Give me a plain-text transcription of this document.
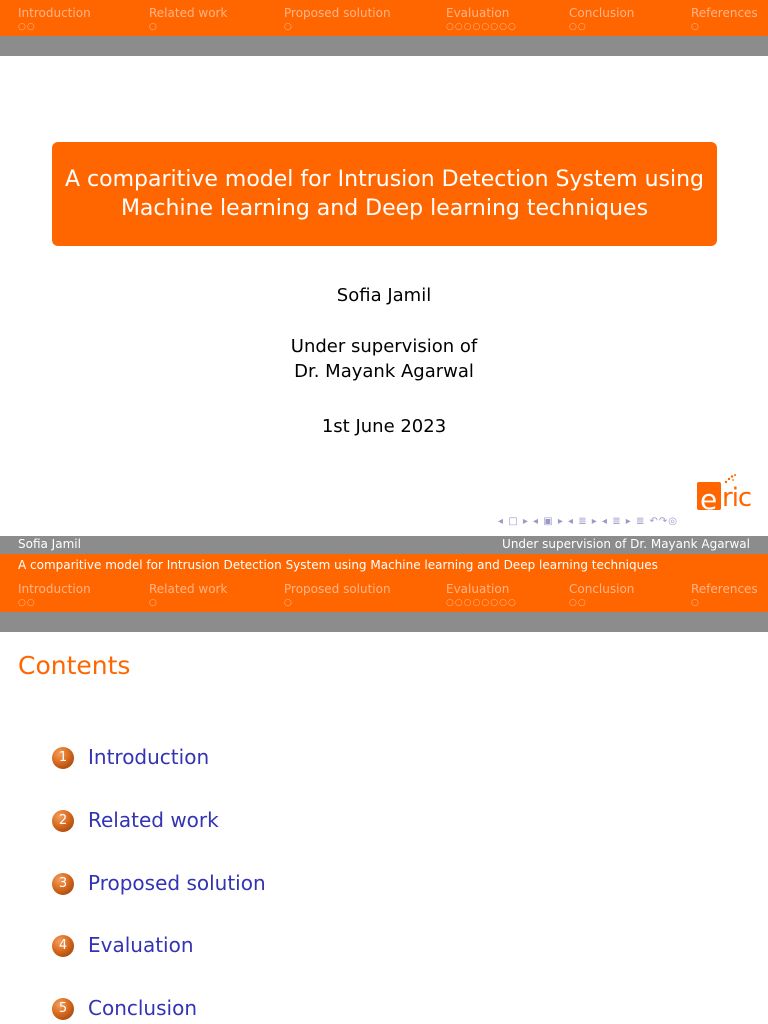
Introduction
○○
Related work
○
Proposed solution
○
Evaluation
○○○○○○○○
Conclusion
○○
References
○
A comparitive model for Intrusion Detection System using
Machine learning and Deep learning techniques
Sofia Jamil
Under supervision of
Dr. Mayank Agarwal
1st June 2023
e ric
◂ □ ▸ ◂ ▣ ▸ ◂ ≣ ▸ ◂ ≣ ▸ ≣ ↶↷◎
Sofia Jamil	Under supervision of Dr. Mayank Agarwal
A comparitive model for Intrusion Detection System using Machine learning and Deep learning techniques
Introduction
○○
Related work
○
Proposed solution
○
Evaluation
○○○○○○○○
Conclusion
○○
References
○
Contents
1	Introduction
2	Related work
3	Proposed solution
4	Evaluation
5	Conclusion
